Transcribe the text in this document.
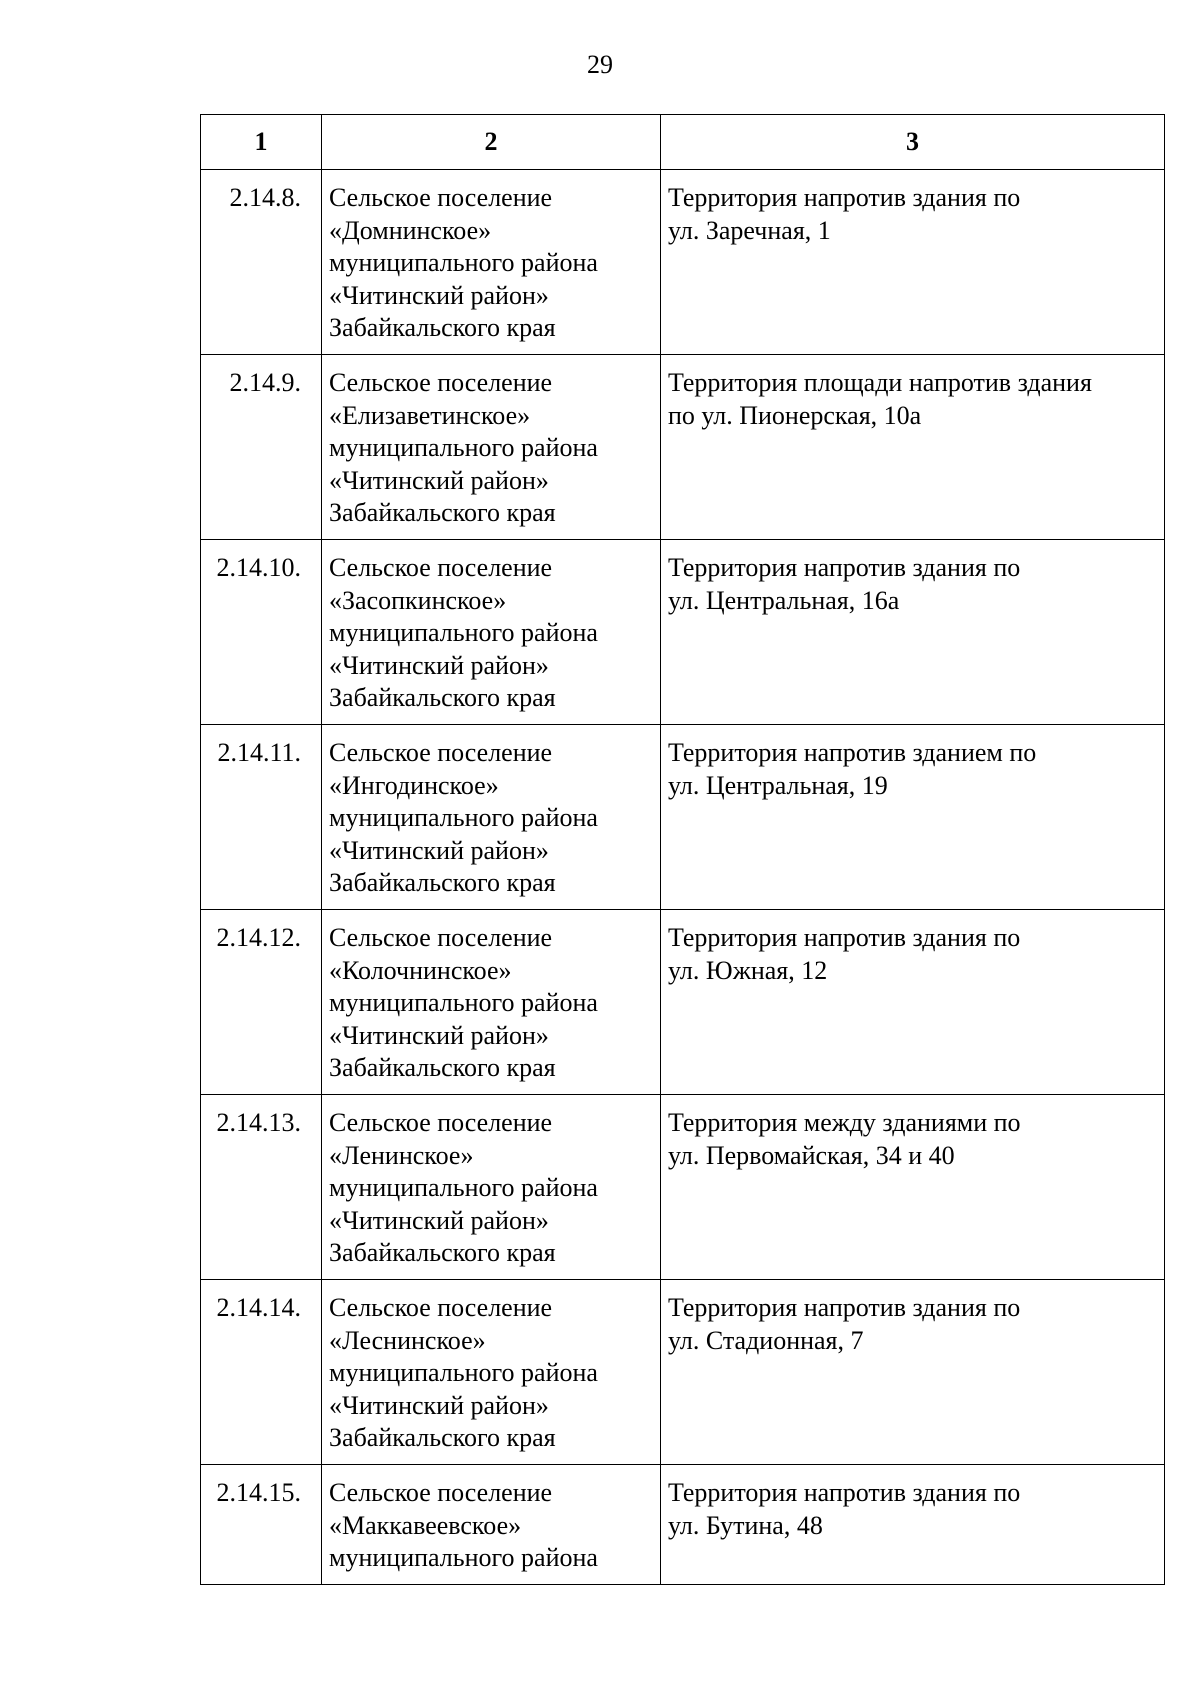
29
1	2	3
2.14.8.	Сельское поселение
«Домнинское»
муниципального района
«Читинский район»
Забайкальского края	Территория напротив здания по
ул. Заречная, 1

2.14.9.	Сельское поселение
«Елизаветинское»
муниципального района
«Читинский район»
Забайкальского края	Территория площади напротив здания
по ул. Пионерская, 10а

2.14.10.	Сельское поселение
«Засопкинское»
муниципального района
«Читинский район»
Забайкальского края	Территория напротив здания по
ул. Центральная, 16а

2.14.11.	Сельское поселение
«Ингодинское»
муниципального района
«Читинский район»
Забайкальского края	Территория напротив зданием по
ул. Центральная, 19

2.14.12.	Сельское поселение
«Колочнинское»
муниципального района
«Читинский район»
Забайкальского края	Территория напротив здания по
ул. Южная, 12

2.14.13.	Сельское поселение
«Ленинское»
муниципального района
«Читинский район»
Забайкальского края	Территория между зданиями по
ул. Первомайская, 34 и 40

2.14.14.	Сельское поселение
«Леснинское»
муниципального района
«Читинский район»
Забайкальского края	Территория напротив здания по
ул. Стадионная, 7

2.14.15.	Сельское поселение
«Маккавеевское»
муниципального района	Территория напротив здания по
ул. Бутина, 48
